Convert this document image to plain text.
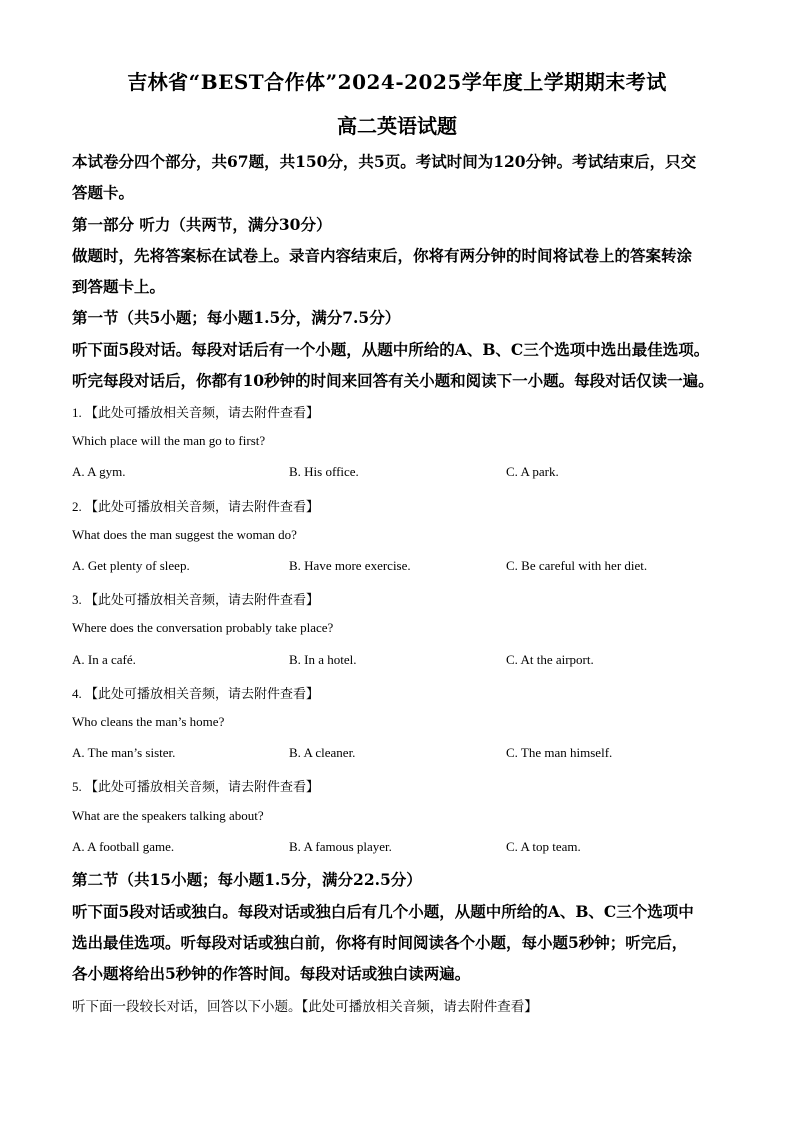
吉林省“BEST合作体”2024-2025学年度上学期期末考试
高二英语试题
本试卷分四个部分，共67题，共150分，共5页。考试时间为120分钟。考试结束后，只交
答题卡。
第一部分 听力（共两节，满分30分）
做题时，先将答案标在试卷上。录音内容结束后，你将有两分钟的时间将试卷上的答案转涂
到答题卡上。
第一节（共5小题；每小题1.5分，满分7.5分）
听下面5段对话。每段对话后有一个小题，从题中所给的A、B、C三个选项中选出最佳选项。
听完每段对话后，你都有10秒钟的时间来回答有关小题和阅读下一小题。每段对话仅读一遍。
1. 【此处可播放相关音频，请去附件查看】
Which place will the man go to first?
A. A gym.	B. His office.	C. A park.
2. 【此处可播放相关音频，请去附件查看】
What does the man suggest the woman do?
A. Get plenty of sleep.	B. Have more exercise.	C. Be careful with her diet.
3. 【此处可播放相关音频，请去附件查看】
Where does the conversation probably take place?
A. In a café.	B. In a hotel.	C. At the airport.
4. 【此处可播放相关音频，请去附件查看】
Who cleans the man’s home?
A. The man’s sister.	B. A cleaner.	C. The man himself.
5. 【此处可播放相关音频，请去附件查看】
What are the speakers talking about?
A. A football game.	B. A famous player.	C. A top team.
第二节（共15小题；每小题1.5分，满分22.5分）
听下面5段对话或独白。每段对话或独白后有几个小题，从题中所给的A、B、C三个选项中
选出最佳选项。听每段对话或独白前，你将有时间阅读各个小题，每小题5秒钟；听完后，
各小题将给出5秒钟的作答时间。每段对话或独白读两遍。
听下面一段较长对话，回答以下小题。【此处可播放相关音频，请去附件查看】
